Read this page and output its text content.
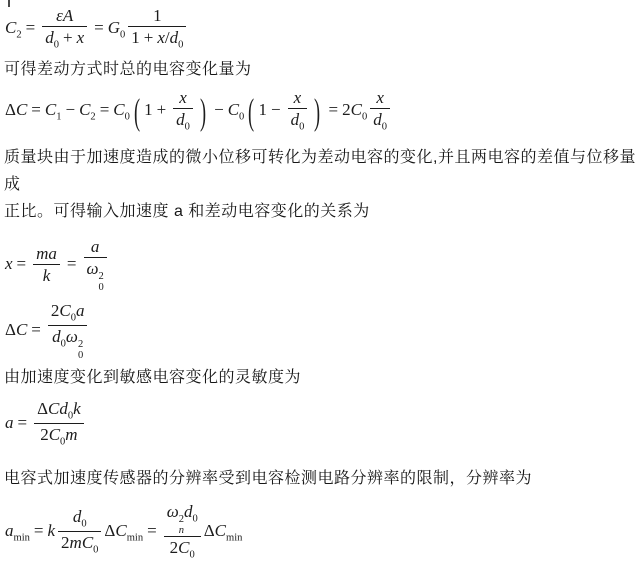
$C_2 = \frac{\varepsilon A}{d_0 + x} = G_0 \frac{1}{1 + x/d_0}$
可得差动方式时总的电容变化量为
$\Delta C = C_1 - C_2 = C_0$ ( $1 + \frac{x}{d_0}$ ) − $C_0$ ( $1 - \frac{x}{d_0}$ ) = $2C_0 \frac{x}{d_0}$
质量块由于加速度造成的微小位移可转化为差动电容的变化,并且两电容的差值与位移量成
正比。可得输入加速度 a 和差动电容变化的关系为
$x = \frac{ma}{k} = a$
ω 2
0
$\Delta C = 2C_0a$
$d_0\omega$ 2
0
由加速度变化到敏感电容变化的灵敏度为
$a = \frac{\Delta Cd_0k}{2C_0m}$
电容式加速度传感器的分辨率受到电容检测电路分辨率的限制，分辨率为
$a_{min} = k \frac{d_0}{2mC_0} \Delta C_{min} = \omega$ 2
n
$d_0$
$2C_0$ $\Delta C_{min}$
